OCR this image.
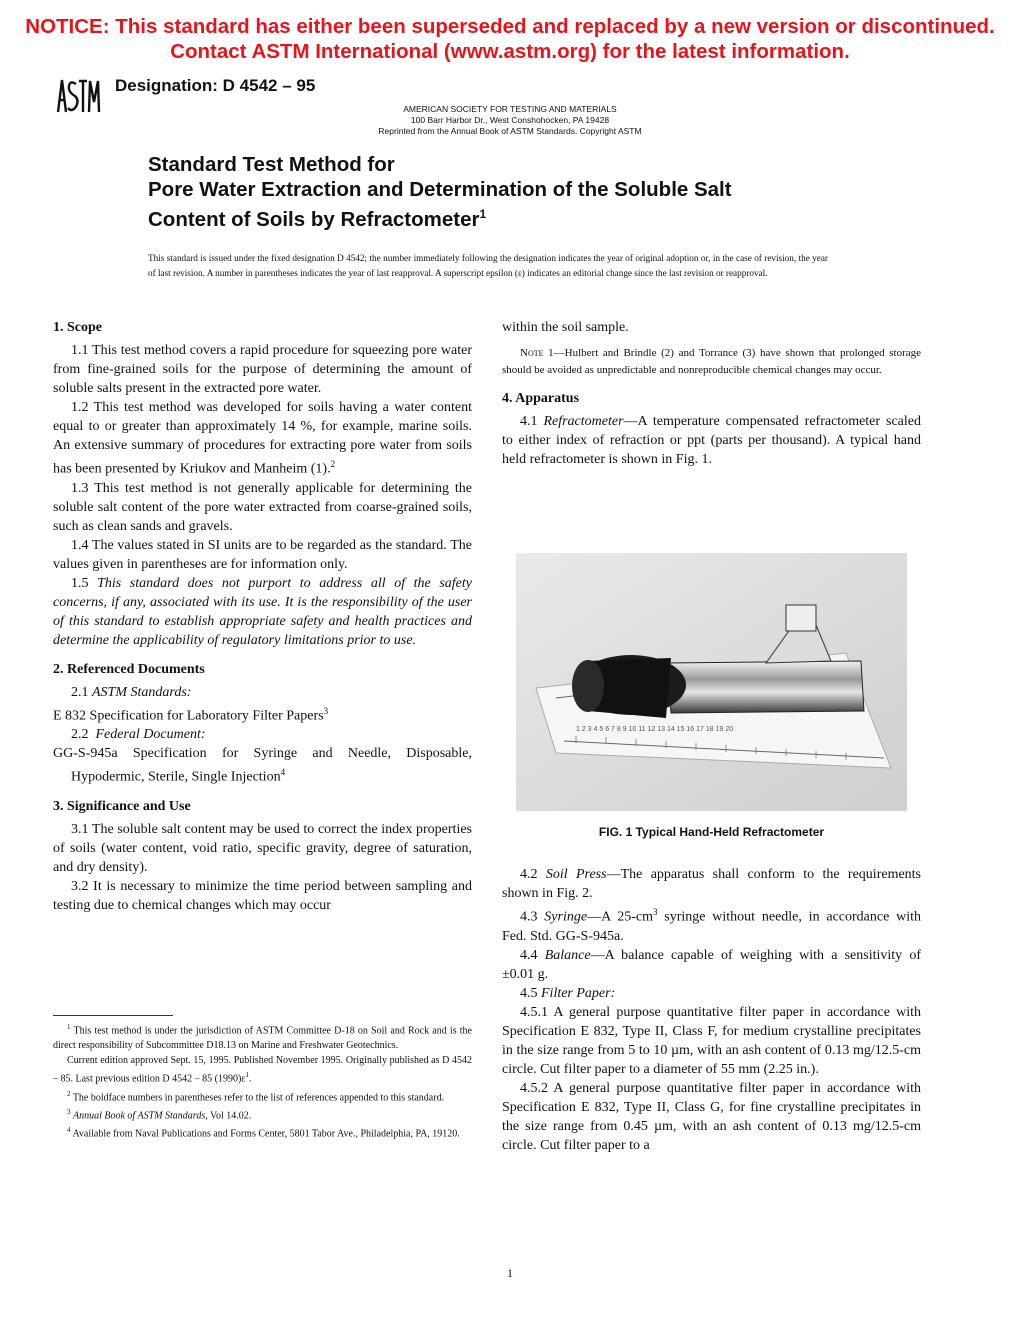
NOTICE: This standard has either been superseded and replaced by a new version or discontinued.
Contact ASTM International (www.astm.org) for the latest information.
Designation: D 4542 – 95
AMERICAN SOCIETY FOR TESTING AND MATERIALS
100 Barr Harbor Dr., West Conshohocken, PA 19428
Reprinted from the Annual Book of ASTM Standards. Copyright ASTM
Standard Test Method for
Pore Water Extraction and Determination of the Soluble Salt
Content of Soils by Refractometer$^1$
This standard is issued under the fixed designation D 4542; the number immediately following the designation indicates the year of original adoption or, in the case of revision, the year of last revision. A number in parentheses indicates the year of last reapproval. A superscript epsilon (ε) indicates an editorial change since the last revision or reapproval.
1. Scope

1.1 This test method covers a rapid procedure for squeezing pore water from fine-grained soils for the purpose of determining the amount of soluble salts present in the extracted pore water.

1.2 This test method was developed for soils having a water content equal to or greater than approximately 14 %, for example, marine soils. An extensive summary of procedures for extracting pore water from soils has been presented by Kriukov and Manheim (1).$^2$

1.3 This test method is not generally applicable for determining the soluble salt content of the pore water extracted from coarse-grained soils, such as clean sands and gravels.

1.4 The values stated in SI units are to be regarded as the standard. The values given in parentheses are for information only.

1.5 This standard does not purport to address all of the safety concerns, if any, associated with its use. It is the responsibility of the user of this standard to establish appropriate safety and health practices and determine the applicability of regulatory limitations prior to use.

2. Referenced Documents

2.1 ASTM Standards:

E 832 Specification for Laboratory Filter Papers$^3$

2.2 Federal Document:

GG-S-945a Specification for Syringe and Needle, Disposable, Hypodermic, Sterile, Single Injection$^4$

3. Significance and Use

3.1 The soluble salt content may be used to correct the index properties of soils (water content, void ratio, specific gravity, degree of saturation, and dry density).

3.2 It is necessary to minimize the time period between sampling and testing due to chemical changes which may occur

$^1$ This test method is under the jurisdiction of ASTM Committee D-18 on Soil and Rock and is the direct responsibility of Subcommittee D18.13 on Marine and Freshwater Geotechnics.

Current edition approved Sept. 15, 1995. Published November 1995. Originally published as D 4542 – 85. Last previous edition D 4542 – 85 $(1990)\varepsilon^1$.

$^2$ The boldface numbers in parentheses refer to the list of references appended to this standard.

$^3$ Annual Book of ASTM Standards, Vol 14.02.

$^4$ Available from Naval Publications and Forms Center, 5801 Tabor Ave., Philadelphia, PA, 19120.

within the soil sample.

Note 1—Hulbert and Brindle (2) and Torrance (3) have shown that prolonged storage should be avoided as unpredictable and nonreproducible chemical changes may occur.

4. Apparatus

4.1 Refractometer—A temperature compensated refractometer scaled to either index of refraction or ppt (parts per thousand). A typical hand held refractometer is shown in Fig. 1.

1 2 3 4 5 6 7 8 9 10 11 12 13 14 15 16 17 18 19 20
FIG. 1 Typical Hand-Held Refractometer

4.2 Soil Press—The apparatus shall conform to the requirements shown in Fig. 2.

4.3 Syringe—A $25-cm^3$ syringe without needle, in accordance with Fed. Std. GG-S-945a.

4.4 Balance—A balance capable of weighing with a sensitivity of ±0.01 g.

4.5 Filter Paper:

4.5.1 A general purpose quantitative filter paper in accordance with Specification E 832, Type II, Class F, for medium crystalline precipitates in the size range from 5 to 10 µm, with an ash content of 0.13 mg/12.5-cm circle. Cut filter paper to a diameter of 55 mm (2.25 in.).

4.5.2 A general purpose quantitative filter paper in accordance with Specification E 832, Type II, Class G, for fine crystalline precipitates in the size range from 0.45 µm, with an ash content of 0.13 mg/12.5-cm circle. Cut filter paper to a

1
